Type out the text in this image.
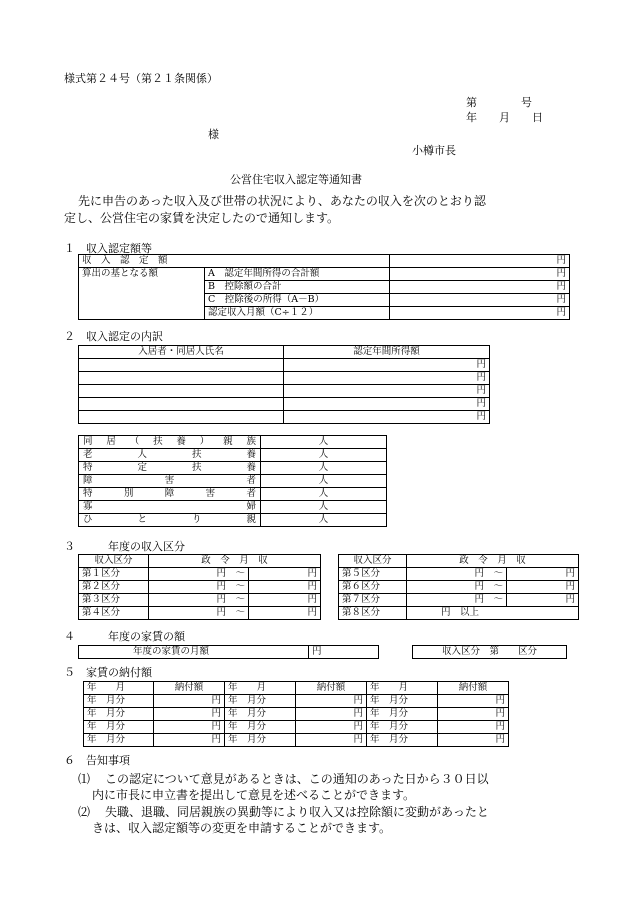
様式第２４号（第２１条関係）
第　　　　号
年　　月　　日
様
小樽市長
公営住宅収入認定等通知書
先に申告のあった収入及び世帯の状況により、あなたの収入を次のとおり認
定し、公営住宅の家賃を決定したので通知します。
１　収入認定額等
収　入　認　定　額		円
算出の基となる額	A　認定年間所得の合計額	円
	B　控除額の合計	円
	C　控除後の所得（A－B）	円
	認定収入月額（C÷１２）	円
２　収入認定の内訳
入居者・同居人氏名	認定年間所得額
	円
	円
	円
	円
	円
同居（扶養）親族	人
老人扶養	人
特定扶養	人
障害者	人
特別障害者	人
寡婦	人
ひとり親	人
３　　　年度の収入区分
収入区分	政　令　月　収	
第１区分	円　～	円
第２区分	円　～	円
第３区分	円　～	円
第４区分	円　～	円
収入区分	政　令　月　収	
第５区分	円　～	円
第６区分	円　～	円
第７区分	円　～	円
第８区分	円　以上	
４　　　年度の家賃の額
年度の家賃の月額	円	収入区分　第　　区分
５　家賃の納付額
年　　月	納付額	年　　月	納付額	年　　月	納付額
年　月分	円	年　月分	円	年　月分	円
年　月分	円	年　月分	円	年　月分	円
年　月分	円	年　月分	円	年　月分	円
年　月分	円	年　月分	円	年　月分	円
６　告知事項
⑴ この認定について意見があるときは、この通知のあった日から３０日以
内に市長に申立書を提出して意見を述べることができます。
⑵ 失職、退職、同居親族の異動等により収入又は控除額に変動があったと
きは、収入認定額等の変更を申請することができます。
